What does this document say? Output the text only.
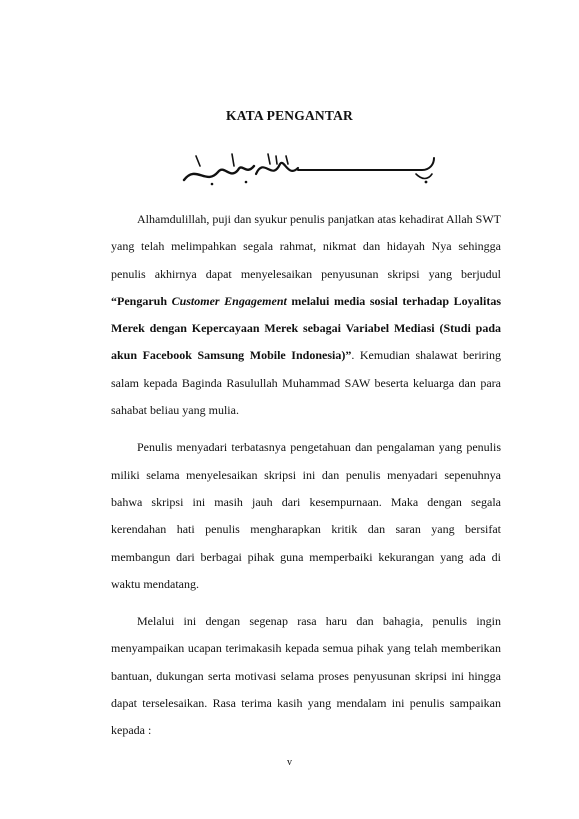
KATA PENGANTAR

Alhamdulillah, puji dan syukur penulis panjatkan atas kehadirat Allah SWT yang telah melimpahkan segala rahmat, nikmat dan hidayah Nya sehingga penulis akhirnya dapat menyelesaikan penyusunan skripsi yang berjudul “Pengaruh Customer Engagement melalui media sosial terhadap Loyalitas Merek dengan Kepercayaan Merek sebagai Variabel Mediasi (Studi pada akun Facebook Samsung Mobile Indonesia)”. Kemudian shalawat beriring salam kepada Baginda Rasulullah Muhammad SAW beserta keluarga dan para sahabat beliau yang mulia.

Penulis menyadari terbatasnya pengetahuan dan pengalaman yang penulis miliki selama menyelesaikan skripsi ini dan penulis menyadari sepenuhnya bahwa skripsi ini masih jauh dari kesempurnaan. Maka dengan segala kerendahan hati penulis mengharapkan kritik dan saran yang bersifat membangun dari berbagai pihak guna memperbaiki kekurangan yang ada di waktu mendatang.

Melalui ini dengan segenap rasa haru dan bahagia, penulis ingin menyampaikan ucapan terimakasih kepada semua pihak yang telah memberikan bantuan, dukungan serta motivasi selama proses penyusunan skripsi ini hingga dapat terselesaikan. Rasa terima kasih yang mendalam ini penulis sampaikan kepada :

v
